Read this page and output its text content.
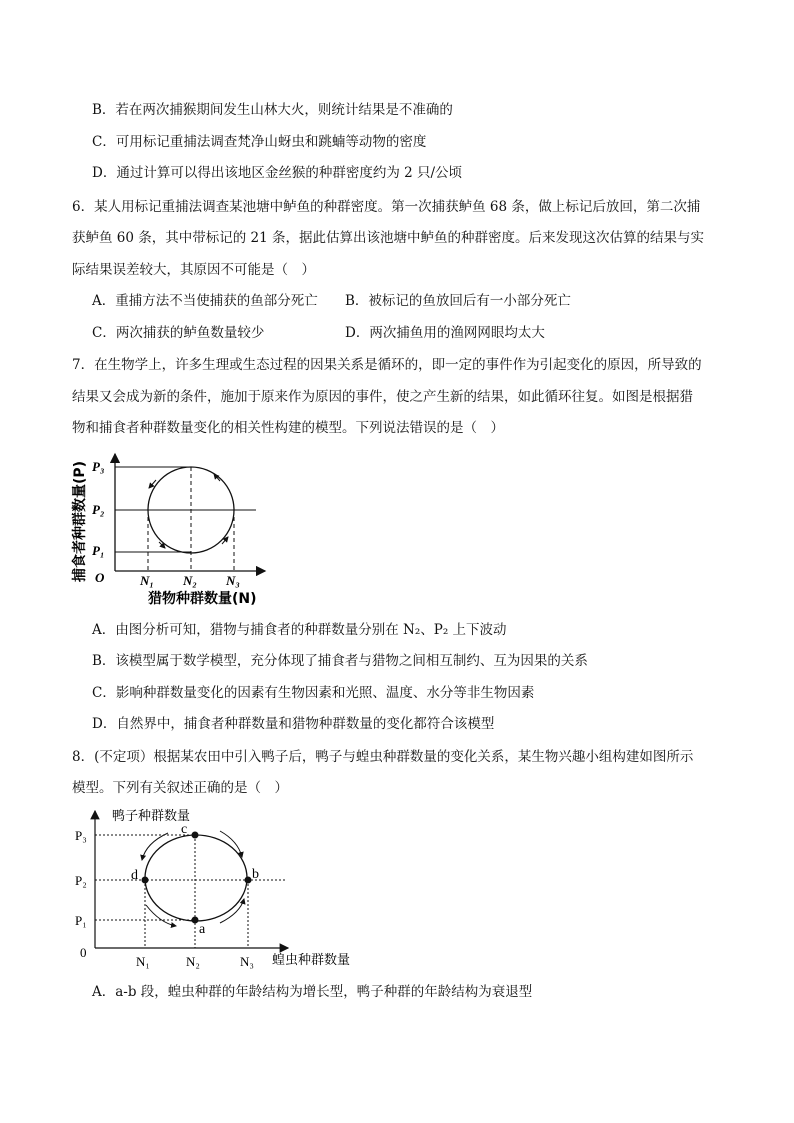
B．若在两次捕猴期间发生山林大火，则统计结果是不准确的
C．可用标记重捕法调查梵净山蚜虫和跳蝻等动物的密度
D．通过计算可以得出该地区金丝猴的种群密度约为 2 只/公顷
6．某人用标记重捕法调查某池塘中鲈鱼的种群密度。第一次捕获鲈鱼 68 条，做上标记后放回，第二次捕
获鲈鱼 60 条，其中带标记的 21 条，据此估算出该池塘中鲈鱼的种群密度。后来发现这次估算的结果与实
际结果误差较大，其原因不可能是（　）
A．重捕方法不当使捕获的鱼部分死亡 B．被标记的鱼放回后有一小部分死亡
C．两次捕获的鲈鱼数量较少	D．两次捕鱼用的渔网网眼均太大
7．在生物学上，许多生理或生态过程的因果关系是循环的，即一定的事件作为引起变化的原因，所导致的
结果又会成为新的条件，施加于原来作为原因的事件，使之产生新的结果，如此循环往复。如图是根据猎
物和捕食者种群数量变化的相关性构建的模型。下列说法错误的是（　）
P₃
P₂
P₁
O	N₁ N₂ N₃
猎物种群数量(N)
捕食者种群数量(P)
A．由图分析可知，猎物与捕食者的种群数量分别在 N₂、P₂ 上下波动
B．该模型属于数学模型，充分体现了捕食者与猎物之间相互制约、互为因果的关系
C．影响种群数量变化的因素有生物因素和光照、温度、水分等非生物因素
D．自然界中，捕食者种群数量和猎物种群数量的变化都符合该模型
8．(不定项）根据某农田中引入鸭子后，鸭子与蝗虫种群数量的变化关系，某生物兴趣小组构建如图所示
模型。下列有关叙述正确的是（　）
鸭子种群数量
P₃
P₂
P₁
0
c
d	b
a
N₁	N₂	N₃ 蝗虫种群数量
A．a-b 段，蝗虫种群的年龄结构为增长型，鸭子种群的年龄结构为衰退型
